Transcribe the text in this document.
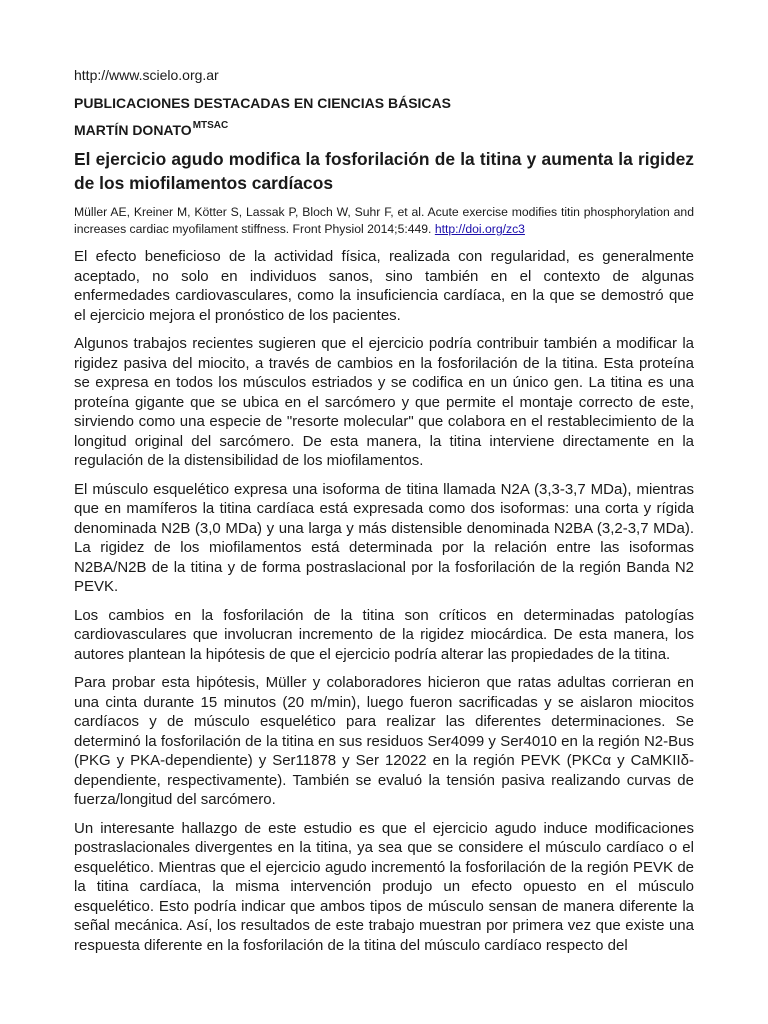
http://www.scielo.org.ar
PUBLICACIONES DESTACADAS EN CIENCIAS BÁSICAS
MARTÍN $DONATO^{MTSAC}$
El ejercicio agudo modifica la fosforilación de la titina y aumenta la rigidez de los miofilamentos cardíacos
Müller AE, Kreiner M, Kötter S, Lassak P, Bloch W, Suhr F, et al. Acute exercise modifies titin phosphorylation and increases cardiac myofilament stiffness. Front Physiol 2014;5:449. http://doi.org/zc3

El efecto beneficioso de la actividad física, realizada con regularidad, es generalmente aceptado, no solo en individuos sanos, sino también en el contexto de algunas enfermedades cardiovasculares, como la insuficiencia cardíaca, en la que se demostró que el ejercicio mejora el pronóstico de los pacientes.

Algunos trabajos recientes sugieren que el ejercicio podría contribuir también a modificar la rigidez pasiva del miocito, a través de cambios en la fosforilación de la titina. Esta proteína se expresa en todos los músculos estriados y se codifica en un único gen. La titina es una proteína gigante que se ubica en el sarcómero y que permite el montaje correcto de este, sirviendo como una especie de "resorte molecular" que colabora en el restablecimiento de la longitud original del sarcómero. De esta manera, la titina interviene directamente en la regulación de la distensibilidad de los miofilamentos.

El músculo esquelético expresa una isoforma de titina llamada N2A (3,3-3,7 MDa), mientras que en mamíferos la titina cardíaca está expresada como dos isoformas: una corta y rígida denominada N2B (3,0 MDa) y una larga y más distensible denominada N2BA (3,2-3,7 MDa). La rigidez de los miofilamentos está determinada por la relación entre las isoformas N2BA/N2B de la titina y de forma postraslacional por la fosforilación de la región Banda N2 PEVK.

Los cambios en la fosforilación de la titina son críticos en determinadas patologías cardiovasculares que involucran incremento de la rigidez miocárdica. De esta manera, los autores plantean la hipótesis de que el ejercicio podría alterar las propiedades de la titina.

Para probar esta hipótesis, Müller y colaboradores hicieron que ratas adultas corrieran en una cinta durante 15 minutos (20 m/min), luego fueron sacrificadas y se aislaron miocitos cardíacos y de músculo esquelético para realizar las diferentes determinaciones. Se determinó la fosforilación de la titina en sus residuos Ser4099 y Ser4010 en la región N2-Bus (PKG y PKA-dependiente) y Ser11878 y Ser 12022 en la región PEVK (PKCα y CaMKIIδ-dependiente, respectivamente). También se evaluó la tensión pasiva realizando curvas de fuerza/longitud del sarcómero.

Un interesante hallazgo de este estudio es que el ejercicio agudo induce modificaciones postraslacionales divergentes en la titina, ya sea que se considere el músculo cardíaco o el esquelético. Mientras que el ejercicio agudo incrementó la fosforilación de la región PEVK de la titina cardíaca, la misma intervención produjo un efecto opuesto en el músculo esquelético. Esto podría indicar que ambos tipos de músculo sensan de manera diferente la señal mecánica. Así, los resultados de este trabajo muestran por primera vez que existe una respuesta diferente en la fosforilación de la titina del músculo cardíaco respecto del
